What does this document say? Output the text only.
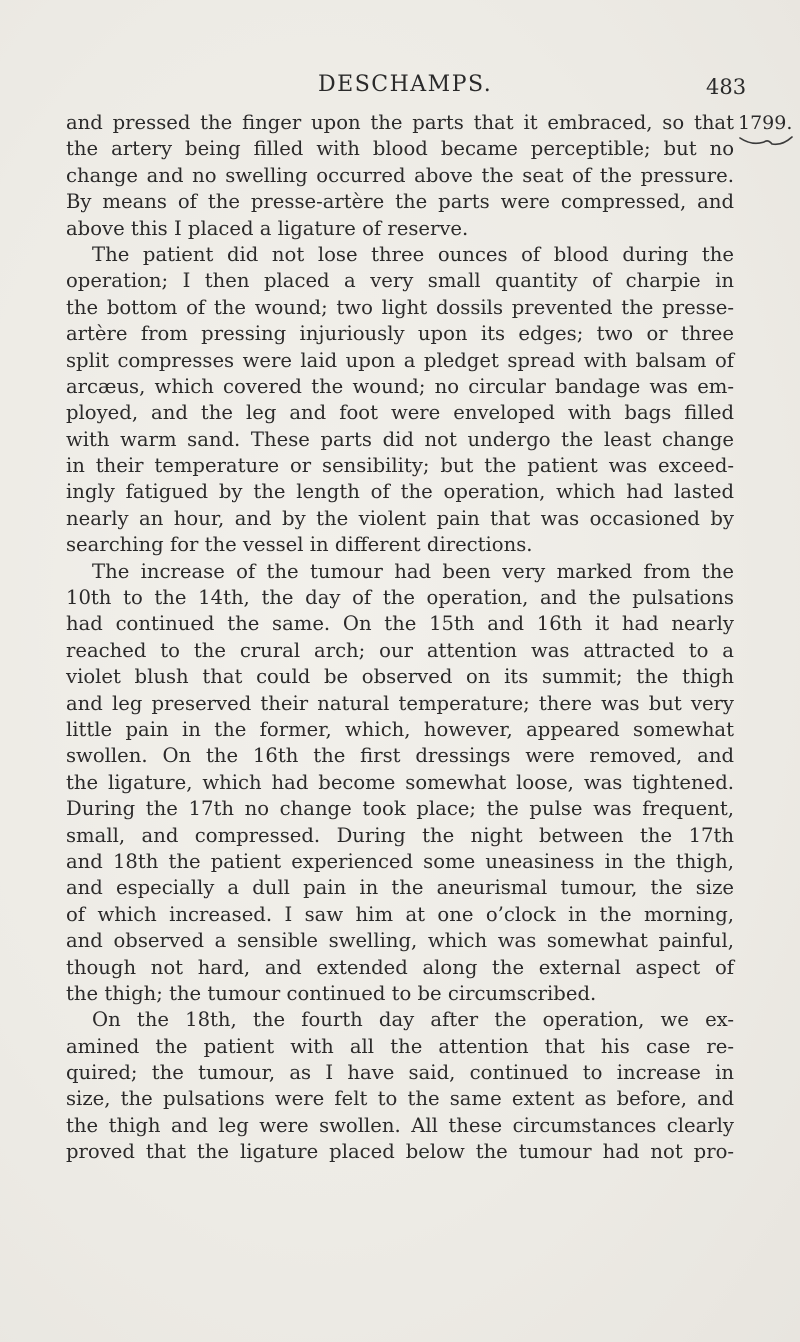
DESCHAMPS.	483
1799.
and pressed the finger upon the parts that it embraced, so that
the artery being filled with blood became perceptible; but no
change and no swelling occurred above the seat of the pressure.
By means of the presse-artère the parts were compressed, and
above this I placed a ligature of reserve.
The patient did not lose three ounces of blood during the
operation; I then placed a very small quantity of charpie in
the bottom of the wound; two light dossils prevented the presse-
artère from pressing injuriously upon its edges; two or three
split compresses were laid upon a pledget spread with balsam of
arcæus, which covered the wound; no circular bandage was em-
ployed, and the leg and foot were enveloped with bags filled
with warm sand. These parts did not undergo the least change
in their temperature or sensibility; but the patient was exceed-
ingly fatigued by the length of the operation, which had lasted
nearly an hour, and by the violent pain that was occasioned by
searching for the vessel in different directions.
The increase of the tumour had been very marked from the
10th to the 14th, the day of the operation, and the pulsations
had continued the same. On the 15th and 16th it had nearly
reached to the crural arch; our attention was attracted to a
violet blush that could be observed on its summit; the thigh
and leg preserved their natural temperature; there was but very
little pain in the former, which, however, appeared somewhat
swollen. On the 16th the first dressings were removed, and
the ligature, which had become somewhat loose, was tightened.
During the 17th no change took place; the pulse was frequent,
small, and compressed. During the night between the 17th
and 18th the patient experienced some uneasiness in the thigh,
and especially a dull pain in the aneurismal tumour, the size
of which increased. I saw him at one o’clock in the morning,
and observed a sensible swelling, which was somewhat painful,
though not hard, and extended along the external aspect of
the thigh; the tumour continued to be circumscribed.
On the 18th, the fourth day after the operation, we ex-
amined the patient with all the attention that his case re-
quired; the tumour, as I have said, continued to increase in
size, the pulsations were felt to the same extent as before, and
the thigh and leg were swollen. All these circumstances clearly
proved that the ligature placed below the tumour had not pro-
